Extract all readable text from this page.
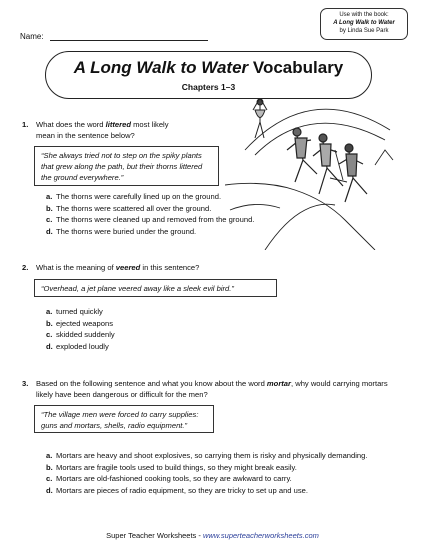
Name:
Use with the book:
A Long Walk to Water
by Linda Sue Park
A Long Walk to Water Vocabulary
Chapters 1–3
1. What does the word littered most likely mean in the sentence below?
“She always tried not to step on the spiky plants that grew along the path, but their thorns littered the ground everywhere.”
a. The thorns were carefully lined up on the ground.
b. The thorns were scattered all over the ground.
c. The thorns were cleaned up and removed from the ground.
d. The thorns were buried under the ground.
2. What is the meaning of veered in this sentence?
“Overhead, a jet plane veered away like a sleek evil bird.”
a. turned quickly
b. ejected weapons
c. skidded suddenly
d. exploded loudly
3. Based on the following sentence and what you know about the word mortar, why would carrying mortars likely have been dangerous or difficult for the men?
“The village men were forced to carry supplies: guns and mortars, shells, radio equipment.”
a. Mortars are heavy and shoot explosives, so carrying them is risky and physically demanding.
b. Mortars are fragile tools used to build things, so they might break easily.
c. Mortars are old-fashioned cooking tools, so they are awkward to carry.
d. Mortars are pieces of radio equipment, so they are tricky to set up and use.
Super Teacher Worksheets - www.superteacherworksheets.com
